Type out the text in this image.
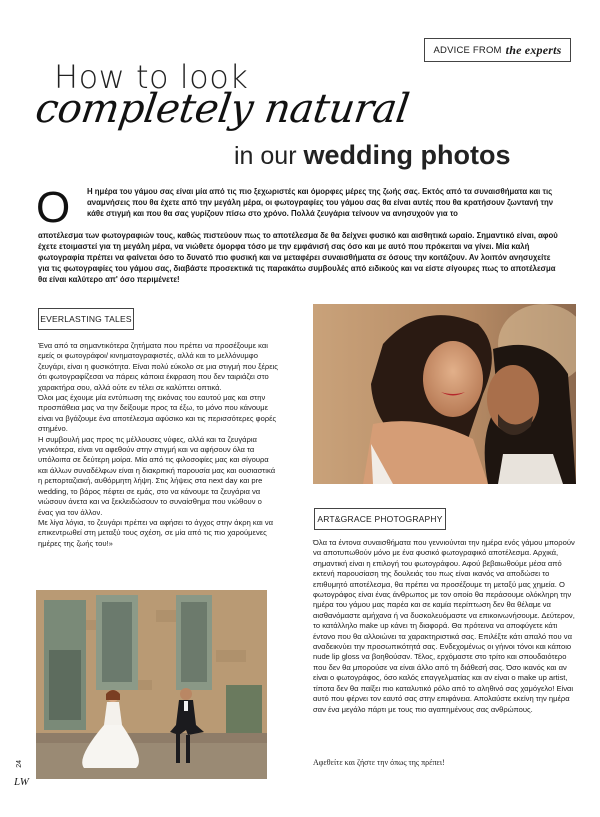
ADVICE FROM the experts
How to look
completely natural
in our wedding photos
Ο Η ημέρα του γάμου σας είναι μία από τις πιο ξεχωριστές και όμορφες μέρες της ζωής σας. Εκτός από τα συναισθήματα και τις αναμνήσεις που θα έχετε από την μεγάλη μέρα, οι φωτογραφίες του γάμου σας θα είναι αυτές που θα κρατήσουν ζωντανή την κάθε στιγμή και που θα σας γυρίζουν πίσω στο χρόνο. Πολλά ζευγάρια τείνουν να ανησυχούν για το
αποτέλεσμα των φωτογραφιών τους, καθώς πιστεύουν πως το αποτέλεσμα δε θα δείχνει φυσικό και αισθητικά ωραίο. Σημαντικό είναι, αφού έχετε ετοιμαστεί για τη μεγάλη μέρα, να νιώθετε όμορφα τόσο με την εμφάνισή σας όσο και με αυτό που πρόκειται να γίνει. Μία καλή φωτογραφία πρέπει να φαίνεται όσο το δυνατό πιο φυσική και να μεταφέρει συναισθήματα σε όσους την κοιτάζουν. Αν λοιπόν ανησυχείτε για τις φωτογραφίες του γάμου σας, διαβάστε προσεκτικά τις παρακάτω συμβουλές από ειδικούς και να είστε σίγουρες πως το αποτέλεσμα θα είναι καλύτερο απ' όσο περιμένετε!
EVERLASTING TALES

Ένα από τα σημαντικότερα ζητήματα που πρέπει να προσέξουμε και εμείς οι φωτογράφοι/ κινηματογραφιστές, αλλά και το μελλόνυμφο ζευγάρι, είναι η φυσικότητα. Είναι πολύ εύκολο σε μια στιγμή που ξέρεις ότι φωτογραφίζεσαι να πάρεις κάποια έκφραση που δεν ταιριάζει στο χαρακτήρα σου, αλλά ούτε εν τέλει σε καλύπτει οπτικά.

Όλοι μας έχουμε μία εντύπωση της εικόνας του εαυτού μας και στην προσπάθεια μας να την δείξουμε προς τα έξω, το μόνο που κάνουμε είναι να βγάζουμε ένα αποτέλεσμα αφύσικο και τις περισσότερες φορές στημένο.

Η συμβουλή μας προς τις μέλλουσες νύφες, αλλά και τα ζευγάρια γενικότερα, είναι να αφεθούν στην στιγμή και να αφήσουν όλα τα υπόλοιπα σε δεύτερη μοίρα. Μία από τις φιλοσοφίες μας και σίγουρα και άλλων συναδέλφων είναι η διακριτική παρουσία μας και ουσιαστικά η ρεπορταζιακή, αυθόρμητη λήψη. Στις λήψεις στα next day και pre wedding, το βάρος πέφτει σε εμάς, στο να κάνουμε τα ζευγάρια να νιώσουν άνετα και να ξεκλειδώσουν το συναίσθημα που νιώθουν ο ένας για τον άλλον.

Με λίγα λόγια, το ζευγάρι πρέπει να αφήσει το άγχος στην άκρη και να επικεντρωθεί στη μεταξύ τους σχέση, σε μία από τις πιο χαρούμενες ημέρες της ζωής του!»

ART&GRACE PHOTOGRAPHY

Όλα τα έντονα συναισθήματα που γεννιούνται την ημέρα ενός γάμου μπορούν να αποτυπωθούν μόνο με ένα φυσικό φωτογραφικό αποτέλεσμα. Αρχικά, σημαντική είναι η επιλογή του φωτογράφου. Αφού βεβαιωθούμε μέσα από εκτενή παρουσίαση της δουλειάς του πως είναι ικανός να αποδώσει το επιθυμητό αποτέλεσμα, θα πρέπει να προσέξουμε τη μεταξύ μας χημεία. Ο φωτογράφος είναι ένας άνθρωπος με τον οποίο θα περάσουμε ολόκληρη την ημέρα του γάμου μας παρέα και σε καμία περίπτωση δεν θα θέλαμε να αισθανόμαστε αμήχανα ή να δυσκολευόμαστε να επικοινωνήσουμε. Δεύτερον, το κατάλληλο make up κάνει τη διαφορά. Θα πρότεινα να αποφύγετε κάτι έντονο που θα αλλοιώνει τα χαρακτηριστικά σας. Επιλέξτε κάτι απαλό που να αναδεικνύει την προσωπικότητά σας. Ενδεχομένως οι γήινοι τόνοι και κάποιο nude lip gloss να βοηθούσαν. Τέλος, ερχόμαστε στο τρίτο και σπουδαιότερο που δεν θα μπορούσε να είναι άλλο από τη διάθεσή σας. Όσο ικανός και αν είναι ο φωτογράφος, όσο καλός επαγγελματίας και αν είναι ο make up artist, τίποτα δεν θα παίξει πιο καταλυτικό ρόλο από το αληθινό σας χαμόγελο! Είναι αυτό που φέρνει τον εαυτό σας στην επιφάνεια. Απολαύστε εκείνη την ημέρα σαν ένα μεγάλο πάρτι με τους πιο αγαπημένους σας ανθρώπους.

Αφεθείτε και ζήστε την όπως της πρέπει!
24
LW
